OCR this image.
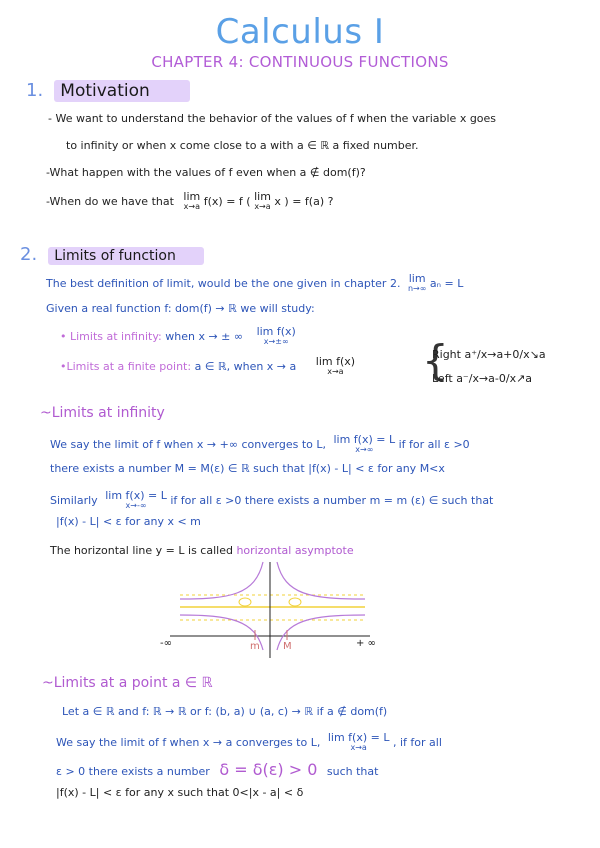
Calculus I
CHAPTER 4: CONTINUOUS FUNCTIONS
1. Motivation
- We want to understand the behavior of the values of f when the variable x goes
to infinity or when x come close to a with a ∈ ℝ a fixed number.
-What happen with the values of f even when a ∉ dom(f)?
-When do we have that lim
x→a f(x) = f ( lim
x→a x ) = f(a) ?
2. Limits of function
The best definition of limit, would be the one given in chapter 2. lim
n→∞ aₙ = L
Given a real function f: dom(f) → ℝ we will study:
• Limits at infinity: when x → ± ∞ lim f(x)
x→±∞
•Limits at a finite point: a ∈ ℝ, when x → a lim f(x)
x→a {
Right a⁺/x→a+0/x↘a
Left a⁻/x→a-0/x↗a
~Limits at infinity
We say the limit of f when x → +∞ converges to L, lim f(x) = L
x→∞	if for all ε >0
there exists a number M = M(ε) ∈ ℝ such that |f(x) - L| < ε for any M<x
Similarly lim f(x) = L
x→-∞	if for all ε >0 there exists a number m = m (ε) ∈ such that
|f(x) - L| < ε for any x < m
The horizontal line y = L is called horizontal asymptote
-∞	+ ∞
m M
~Limits at a point a ∈ ℝ
Let a ∈ ℝ and f: ℝ → ℝ or f: (b, a) ∪ (a, c) → ℝ if a ∉ dom(f)
We say the limit of f when x → a converges to L, lim f(x) = L
x→a	, if for all
ε > 0 there exists a number δ = δ(ε) > 0 such that
|f(x) - L| < ε for any x such that 0<|x - a| < δ
